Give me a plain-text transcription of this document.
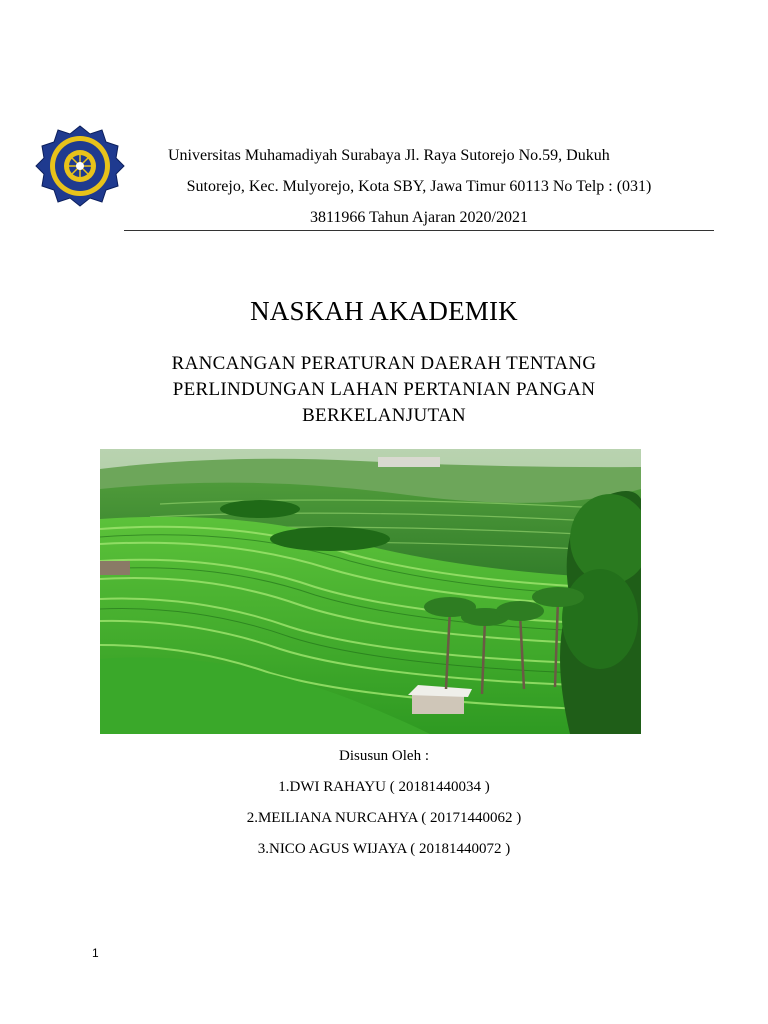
Universitas Muhamadiyah Surabaya Jl. Raya Sutorejo No.59, Dukuh
Sutorejo, Kec. Mulyorejo, Kota SBY, Jawa Timur 60113 No Telp : (031)
3811966 Tahun Ajaran 2020/2021
NASKAH AKADEMIK
RANCANGAN PERATURAN DAERAH TENTANG
PERLINDUNGAN LAHAN PERTANIAN PANGAN
BERKELANJUTAN
Disusun Oleh :
1.DWI RAHAYU ( 20181440034 )
2.MEILIANA NURCAHYA ( 20171440062 )
3.NICO AGUS WIJAYA ( 20181440072 )
1
